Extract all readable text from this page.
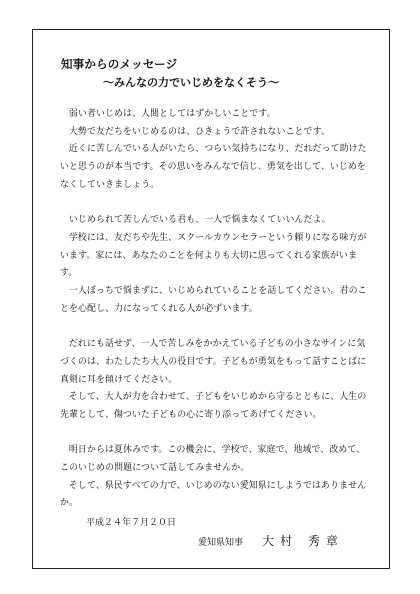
知事からのメッセージ
～みんなの力でいじめをなくそう～

弱い者いじめは、人間としてはずかしいことです。

大勢で友だちをいじめるのは、ひきょうで許されないことです。

近くに苦しんでいる人がいたら、つらい気持ちになり、だれだって助けたいと思うのが本当です。その思いをみんなで信じ、勇気を出して、いじめをなくしていきましょう。

いじめられて苦しんでいる君も、一人で悩まなくていいんだよ。

学校には、友だちや先生、スクールカウンセラーという頼りになる味方がいます。家には、あなたのことを何よりも大切に思ってくれる家族がいます。

一人ぼっちで悩まずに、いじめられていることを話してください。君のことを心配し、力になってくれる人が必ずいます。

だれにも話せず、一人で苦しみをかかえている子どもの小さなサインに気づくのは、わたしたち大人の役目です。子どもが勇気をもって話すことばに真剣に耳を傾けてください。

そして、大人が力を合わせて、子どもをいじめから守るとともに、人生の先輩として、傷ついた子どもの心に寄り添ってあげてください。

明日からは夏休みです。この機会に、学校で、家庭で、地域で、改めて、このいじめの問題について話してみませんか。

そして、県民すべての力で、いじめのない愛知県にしようではありませんか。

平成２４年７月２０日
愛知県知事 大村 秀章
